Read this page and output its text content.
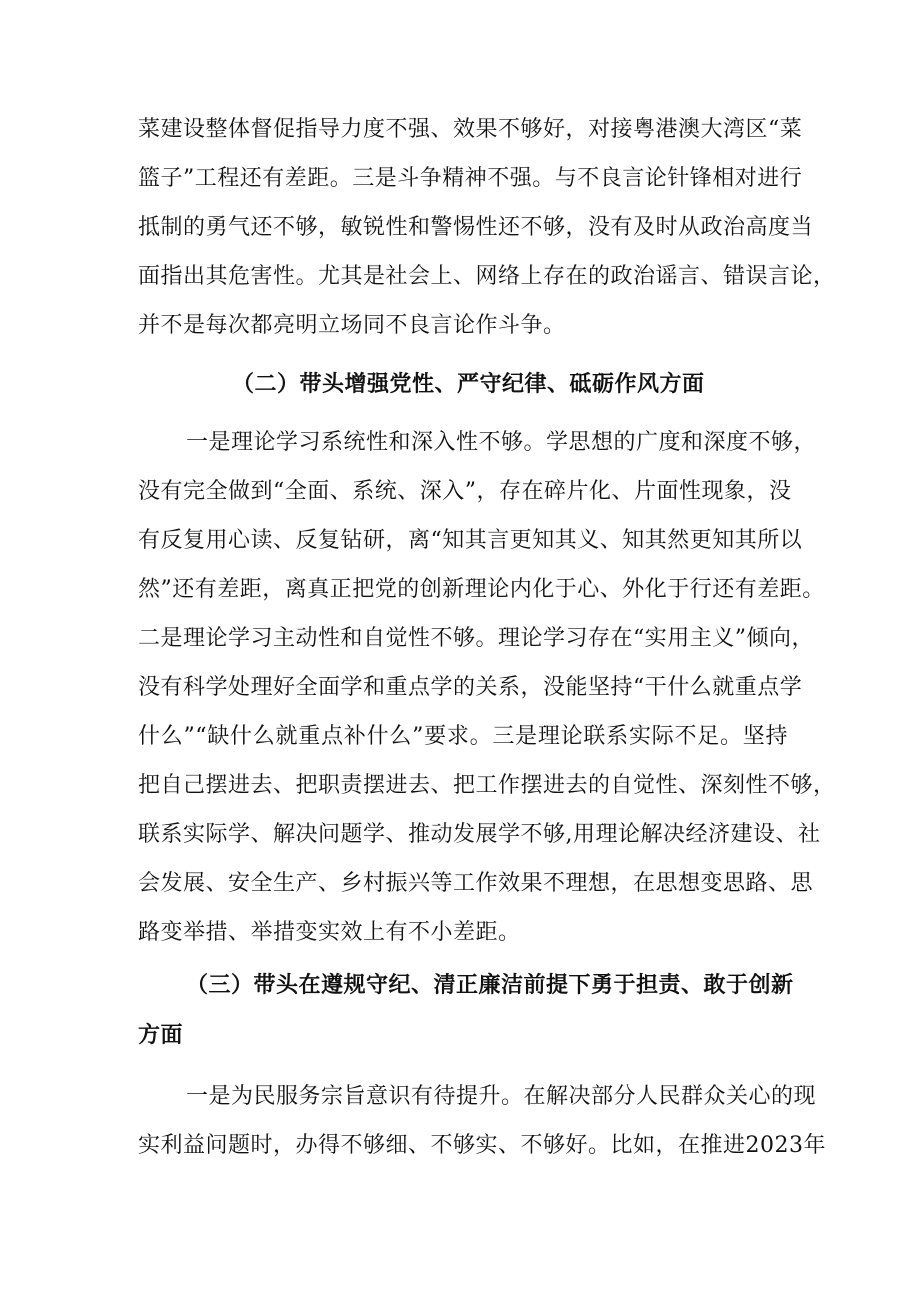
菜建设整体督促指导力度不强、效果不够好，对接粤港澳大湾区“菜
篮子”工程还有差距。三是斗争精神不强。与不良言论针锋相对进行
抵制的勇气还不够，敏锐性和警惕性还不够，没有及时从政治高度当
面指出其危害性。尤其是社会上、网络上存在的政治谣言、错误言论，
并不是每次都亮明立场同不良言论作斗争。
（二）带头增强党性、严守纪律、砥砺作风方面
一是理论学习系统性和深入性不够。学思想的广度和深度不够，
没有完全做到“全面、系统、深入”，存在碎片化、片面性现象，没
有反复用心读、反复钻研，离“知其言更知其义、知其然更知其所以
然”还有差距，离真正把党的创新理论内化于心、外化于行还有差距。
二是理论学习主动性和自觉性不够。理论学习存在“实用主义”倾向，
没有科学处理好全面学和重点学的关系，没能坚持“干什么就重点学
什么”“缺什么就重点补什么”要求。三是理论联系实际不足。坚持
把自己摆进去、把职责摆进去、把工作摆进去的自觉性、深刻性不够，
联系实际学、解决问题学、推动发展学不够,用理论解决经济建设、社
会发展、安全生产、乡村振兴等工作效果不理想，在思想变思路、思
路变举措、举措变实效上有不小差距。
（三）带头在遵规守纪、清正廉洁前提下勇于担责、敢于创新
方面
一是为民服务宗旨意识有待提升。在解决部分人民群众关心的现
实利益问题时，办得不够细、不够实、不够好。比如，在推进2023年
